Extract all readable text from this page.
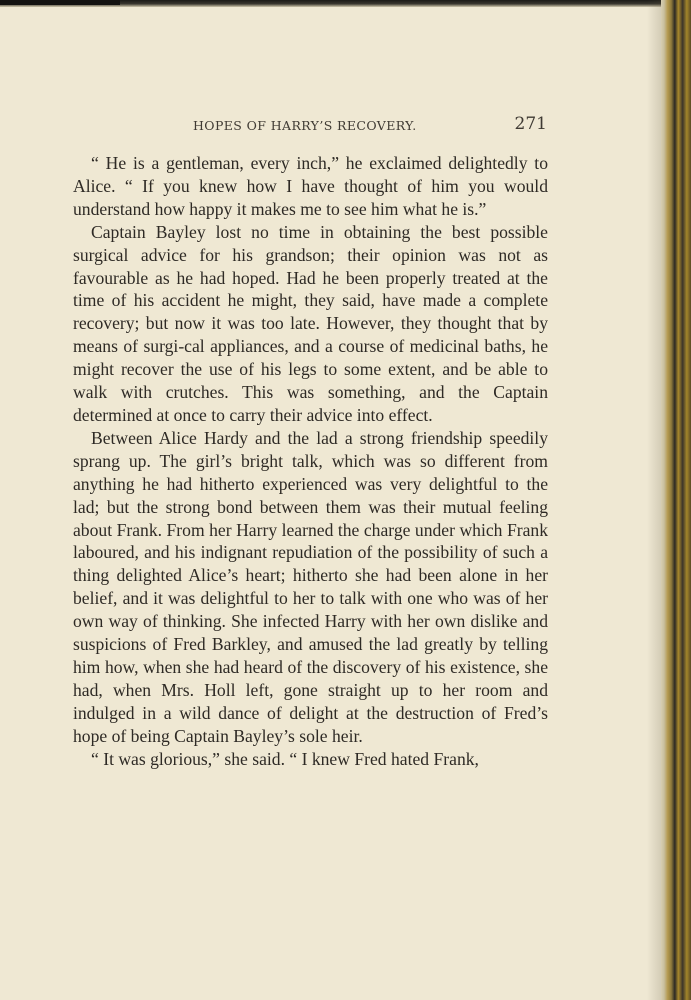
HOPES OF HARRY’S RECOVERY.	271

“ He is a gentleman, every inch,” he exclaimed delightedly to Alice. “ If you knew how I have thought of him you would understand how happy it makes me to see him what he is.”

Captain Bayley lost no time in obtaining the best possible surgical advice for his grandson; their opinion was not as favourable as he had hoped. Had he been properly treated at the time of his accident he might, they said, have made a complete recovery; but now it was too late. However, they thought that by means of surgi-cal appliances, and a course of medicinal baths, he might recover the use of his legs to some extent, and be able to walk with crutches. This was something, and the Captain determined at once to carry their advice into effect.

Between Alice Hardy and the lad a strong friendship speedily sprang up. The girl’s bright talk, which was so different from anything he had hitherto experienced was very delightful to the lad; but the strong bond between them was their mutual feeling about Frank. From her Harry learned the charge under which Frank laboured, and his indignant repudiation of the possibility of such a thing delighted Alice’s heart; hitherto she had been alone in her belief, and it was delightful to her to talk with one who was of her own way of thinking. She infected Harry with her own dislike and suspicions of Fred Barkley, and amused the lad greatly by telling him how, when she had heard of the discovery of his existence, she had, when Mrs. Holl left, gone straight up to her room and indulged in a wild dance of delight at the destruction of Fred’s hope of being Captain Bayley’s sole heir.

“ It was glorious,” she said. “ I knew Fred hated Frank,
